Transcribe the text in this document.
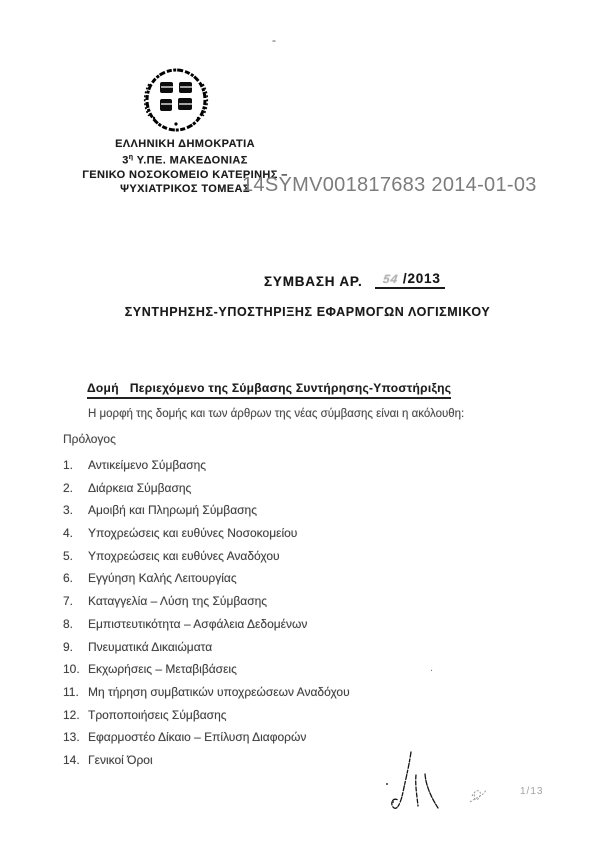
-
ΕΛΛΗΝΙΚΗ ΔΗΜΟΚΡΑΤΙΑ
$3^\eta$ Υ.ΠΕ. ΜΑΚΕΔΟΝΙΑΣ
ΓΕΝΙΚΟ ΝΟΣΟΚΟΜΕΙΟ ΚΑΤΕΡΙΝΗΣ –
ΨΥΧΙΑΤΡΙΚΟΣ ΤΟΜΕΑΣ
14SYMV001817683 2014-01-03
ΣΥΜΒΑΣΗ ΑΡ.	54 /2013
ΣΥΝΤΗΡΗΣΗΣ-ΥΠΟΣΤΗΡΙΞΗΣ ΕΦΑΡΜΟΓΩΝ ΛΟΓΙΣΜΙΚΟΥ
Δομή Περιεχόμενο της Σύμβασης Συντήρησης-Υποστήριξης
Η μορφή της δομής και των άρθρων της νέας σύμβασης είναι η ακόλουθη:
Πρόλογος
1. Αντικείμενο Σύμβασης
2. Διάρκεια Σύμβασης
3. Αμοιβή και Πληρωμή Σύμβασης
4. Υποχρεώσεις και ευθύνες Νοσοκομείου
5. Υποχρεώσεις και ευθύνες Αναδόχου
6. Εγγύηση Καλής Λειτουργίας
7. Καταγγελία – Λύση της Σύμβασης
8. Εμπιστευτικότητα – Ασφάλεια Δεδομένων
9. Πνευματικά Δικαιώματα
10. Εκχωρήσεις – Μεταβιβάσεις
11. Μη τήρηση συμβατικών υποχρεώσεων Αναδόχου
12. Τροποποιήσεις Σύμβασης
13. Εφαρμοστέο Δίκαιο – Επίλυση Διαφορών
14. Γενικοί Όροι
.
1/13
